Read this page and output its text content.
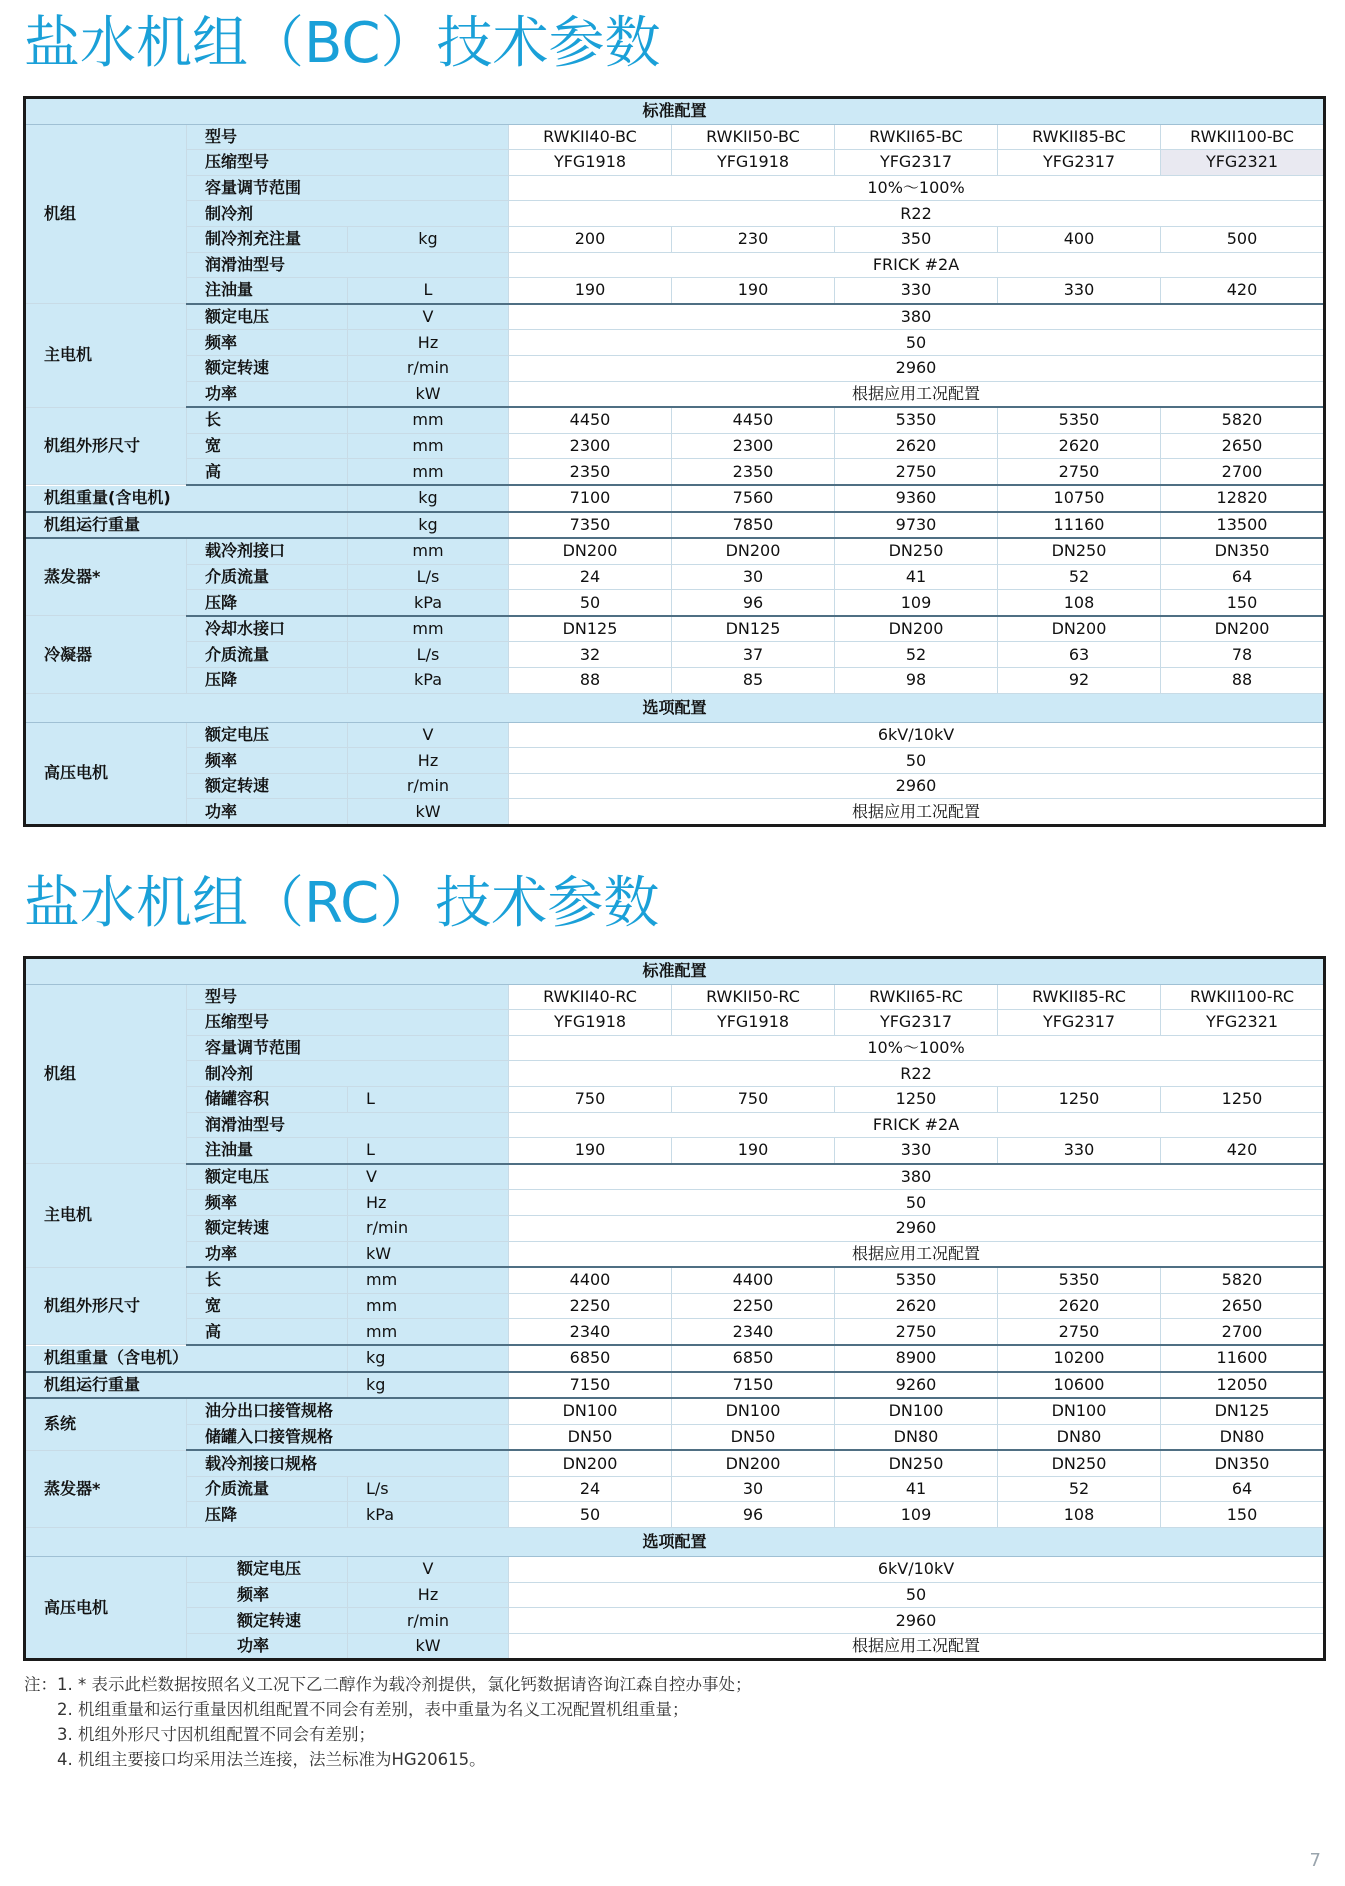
盐水机组（BC）技术参数
标准配置							
机组	型号		RWKII40-BC	RWKII50-BC	RWKII65-BC	RWKII85-BC	RWKII100-BC
	压缩型号		YFG1918	YFG1918	YFG2317	YFG2317	YFG2321
	容量调节范围		10%～100%				
	制冷剂		R22				
	制冷剂充注量	kg	200	230	350	400	500
	润滑油型号		FRICK #2A				
	注油量	L	190	190	330	330	420
主电机	额定电压	V	380				
	频率	Hz	50				
	额定转速	r/min	2960				
	功率	kW	根据应用工况配置				
机组外形尺寸	长	mm	4450	4450	5350	5350	5820
	宽	mm	2300	2300	2620	2620	2650
	高	mm	2350	2350	2750	2750	2700
机组重量(含电机)		kg	7100	7560	9360	10750	12820
机组运行重量		kg	7350	7850	9730	11160	13500
蒸发器*	载冷剂接口	mm	DN200	DN200	DN250	DN250	DN350
	介质流量	L/s	24	30	41	52	64
	压降	kPa	50	96	109	108	150
冷凝器	冷却水接口	mm	DN125	DN125	DN200	DN200	DN200
	介质流量	L/s	32	37	52	63	78
	压降	kPa	88	85	98	92	88
选项配置							
高压电机	额定电压	V	6kV/10kV				
	频率	Hz	50				
	额定转速	r/min	2960				
	功率	kW	根据应用工况配置				
盐水机组（RC）技术参数
标准配置							
机组	型号		RWKII40-RC	RWKII50-RC	RWKII65-RC	RWKII85-RC	RWKII100-RC
	压缩型号		YFG1918	YFG1918	YFG2317	YFG2317	YFG2321
	容量调节范围		10%～100%				
	制冷剂		R22				
	储罐容积	L	750	750	1250	1250	1250
	润滑油型号		FRICK #2A				
	注油量	L	190	190	330	330	420
主电机	额定电压	V	380				
	频率	Hz	50				
	额定转速	r/min	2960				
	功率	kW	根据应用工况配置				
机组外形尺寸	长	mm	4400	4400	5350	5350	5820
	宽	mm	2250	2250	2620	2620	2650
	高	mm	2340	2340	2750	2750	2700
机组重量（含电机）		kg	6850	6850	8900	10200	11600
机组运行重量		kg	7150	7150	9260	10600	12050
系统	油分出口接管规格		DN100	DN100	DN100	DN100	DN125
	储罐入口接管规格		DN50	DN50	DN80	DN80	DN80
蒸发器*	载冷剂接口规格		DN200	DN200	DN250	DN250	DN350
	介质流量	L/s	24	30	41	52	64
	压降	kPa	50	96	109	108	150
选项配置							
高压电机	额定电压	V	6kV/10kV				
	频率	Hz	50				
	额定转速	r/min	2960				
	功率	kW	根据应用工况配置				
注：1. * 表示此栏数据按照名义工况下乙二醇作为载冷剂提供，氯化钙数据请咨询江森自控办事处；
2. 机组重量和运行重量因机组配置不同会有差别，表中重量为名义工况配置机组重量；
3. 机组外形尺寸因机组配置不同会有差别；
4. 机组主要接口均采用法兰连接，法兰标准为HG20615。
7
